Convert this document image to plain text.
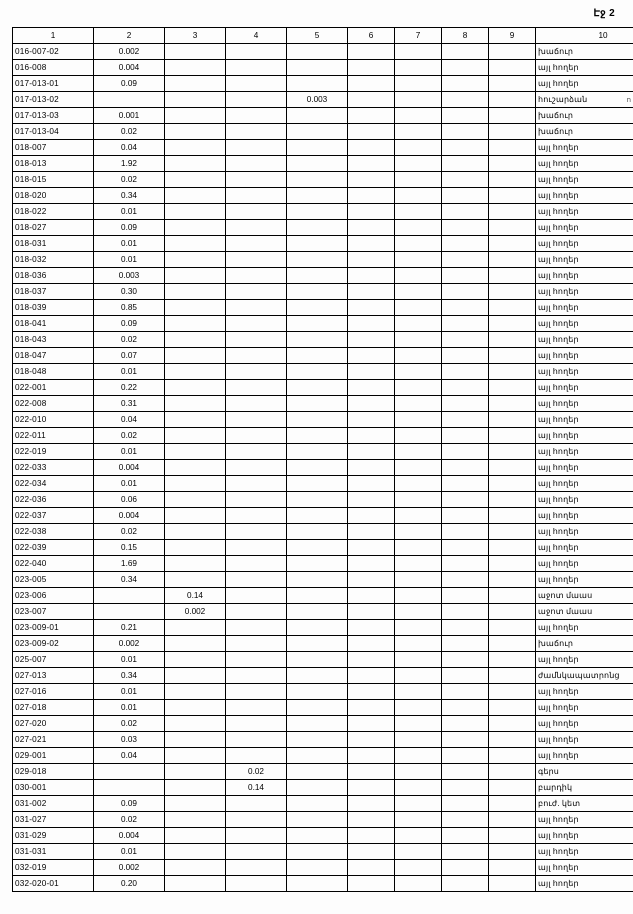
Էջ 2
ո
1	2	3	4	5	6	7	8	9	10
016-007-02	0.002								խաճուր
016-008	0.004								այլ հողեր
017-013-01	0.09								այլ հողեր
017-013-02				0.003					հուշարձան
017-013-03	0.001								խաճուր
017-013-04	0.02								խաճուր
018-007	0.04								այլ հողեր
018-013	1.92								այլ հողեր
018-015	0.02								այլ հողեր
018-020	0.34								այլ հողեր
018-022	0.01								այլ հողեր
018-027	0.09								այլ հողեր
018-031	0.01								այլ հողեր
018-032	0.01								այլ հողեր
018-036	0.003								այլ հողեր
018-037	0.30								այլ հողեր
018-039	0.85								այլ հողեր
018-041	0.09								այլ հողեր
018-043	0.02								այլ հողեր
018-047	0.07								այլ հողեր
018-048	0.01								այլ հողեր
022-001	0.22								այլ հողեր
022-008	0.31								այլ հողեր
022-010	0.04								այլ հողեր
022-011	0.02								այլ հողեր
022-019	0.01								այլ հողեր
022-033	0.004								այլ հողեր
022-034	0.01								այլ հողեր
022-036	0.06								այլ հողեր
022-037	0.004								այլ հողեր
022-038	0.02								այլ հողեր
022-039	0.15								այլ հողեր
022-040	1.69								այլ հողեր
023-005	0.34								այլ հողեր
023-006		0.14							աջոտ մաաս
023-007		0.002							աջոտ մաաս
023-009-01	0.21								այլ հողեր
023-009-02	0.002								խաճուր
025-007	0.01								այլ հողեր
027-013	0.34								ժամնկապատրոնց
027-016	0.01								այլ հողեր
027-018	0.01								այլ հողեր
027-020	0.02								այլ հողեր
027-021	0.03								այլ հողեր
029-001	0.04								այլ հողեր
029-018			0.02						գերս
030-001			0.14						բարդիկ
031-002	0.09								բուժ. կետ
031-027	0.02								այլ հողեր
031-029	0.004								այլ հողեր
031-031	0.01								այլ հողեր
032-019	0.002								այլ հողեր
032-020-01	0.20								այլ հողեր
